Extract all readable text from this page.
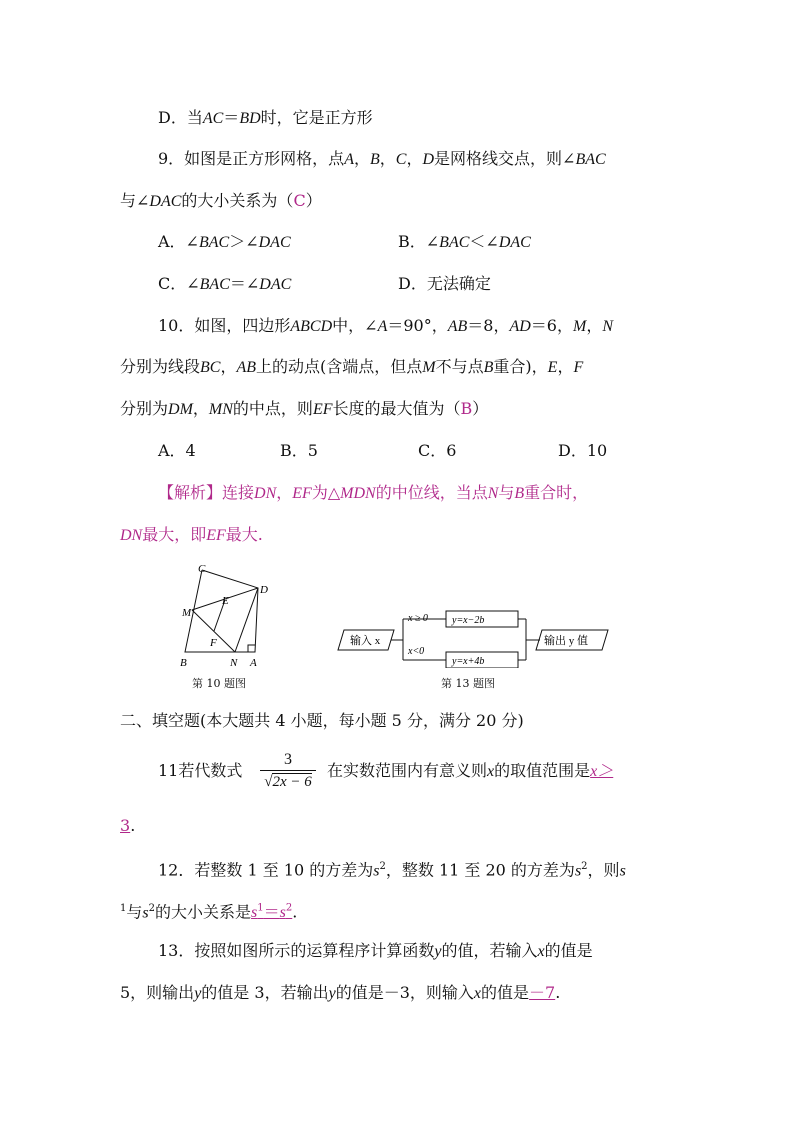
D．当AC＝BD时，它是正方形
9．如图是正方形网格，点A，B，C，D是网格线交点，则∠BAC
与∠DAC的大小关系为（C）
A．∠BAC＞∠DAC	B．∠BAC＜∠DAC
C．∠BAC＝∠DAC	D．无法确定
10．如图，四边形ABCD中，∠A＝90°，AB＝8，AD＝6，M，N
分别为线段BC，AB上的动点(含端点，但点M不与点B重合)，E，F
分别为DM，MN的中点，则EF长度的最大值为（B）
A．4	B．5	C．6	D．10
【解析】连接DN，EF为△MDN的中位线，当点N与B重合时，
DN最大，即EF最大.
C
D
M
E
F
B	N A
第 10 题图
输入 x
x ≥ 0
x<0
y=x−2b
y=x+4b
输出 y 值
第 13 题图
二、填空题(本大题共 4 小题，每小题 5 分，满分 20 分)
11若代数式
3
√2x − 6
在实数范围内有意义则x的取值范围是x＞
3.
12．若整数 1 至 10 的方差为$s^2$，整数 11 至 20 的方差为$s^2$，则s
$^1$与$s^2$的大小关系是$s^1=s^2$.
13．按照如图所示的运算程序计算函数y的值，若输入x的值是
5，则输出y的值是 3，若输出y的值是－3，则输入x的值是－7.
